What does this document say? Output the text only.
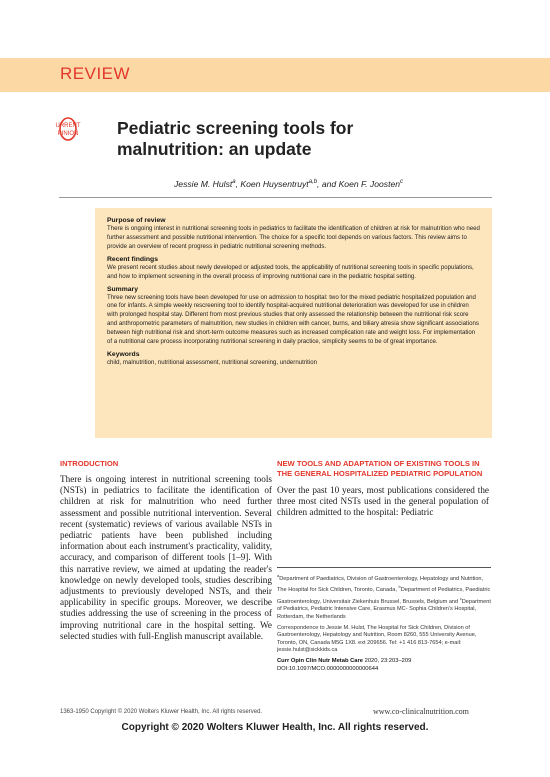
REVIEW
URRENT
PINION Pediatric screening tools for malnutrition: an update
Jessie M. Hulst$^a$, Koen Huysentruyt$^{a,b}$, and Koen F. Joosten$^c$
Purpose of review
There is ongoing interest in nutritional screening tools in pediatrics to facilitate the identification of children at risk for malnutrition who need further assessment and possible nutritional intervention. The choice for a specific tool depends on various factors. This review aims to provide an overview of recent progress in pediatric nutritional screening methods.
Recent findings
We present recent studies about newly developed or adjusted tools, the applicability of nutritional screening tools in specific populations, and how to implement screening in the overall process of improving nutritional care in the pediatric hospital setting.
Summary
Three new screening tools have been developed for use on admission to hospital: two for the mixed pediatric hospitalized population and one for infants. A simple weekly rescreening tool to identify hospital-acquired nutritional deterioration was developed for use in children with prolonged hospital stay. Different from most previous studies that only assessed the relationship between the nutritional risk score and anthropometric parameters of malnutrition, new studies in children with cancer, burns, and biliary atresia show significant associations between high nutritional risk and short-term outcome measures such as increased complication rate and weight loss. For implementation of a nutritional care process incorporating nutritional screening in daily practice, simplicity seems to be of great importance.
Keywords
child, malnutrition, nutritional assessment, nutritional screening, undernutrition
INTRODUCTION

There is ongoing interest in nutritional screening tools (NSTs) in pediatrics to facilitate the identification of children at risk for malnutrition who need further assessment and possible nutritional intervention. Several recent (systematic) reviews of various available NSTs in pediatric patients have been published including information about each instrument's practicality, validity, accuracy, and comparison of different tools [1–9]. With this narrative review, we aimed at updating the reader's knowledge on newly developed tools, studies describing adjustments to previously developed NSTs, and their applicability in specific groups. Moreover, we describe studies addressing the use of screening in the process of improving nutritional care in the hospital setting. We selected studies with full-English manuscript available.

NEW TOOLS AND ADAPTATION OF EXISTING TOOLS IN THE GENERAL HOSPITALIZED PEDIATRIC POPULATION

Over the past 10 years, most publications considered the three most cited NSTs used in the general population of children admitted to the hospital: Pediatric

$^a$Department of Paediatrics, Division of Gastroenterology, Hepatology and Nutrition, The Hospital for Sick Children, Toronto, Canada, $^b$Department of Pediatrics, Paediatric Gastroenterology, Universitair Ziekenhuis Brussel, Brussels, Belgium and $^c$Department of Pediatrics, Pediatric Intensive Care, Erasmus MC- Sophia Children's Hospital, Rotterdam, the Netherlands
Correspondence to Jessie M. Hulst, The Hospital for Sick Children, Division of Gastroenterology, Hepatology and Nutrition, Room 8260, 555 University Avenue, Toronto, ON, Canada M5G 1X8. ext 209656. Tel: +1 416 813-7654; e-mail: jessie.hulst@sickkids.ca
Curr Opin Clin Nutr Metab Care 2020, 23:203–209
DOI:10.1097/MCO.0000000000000644
1363-1950 Copyright © 2020 Wolters Kluwer Health, Inc. All rights reserved.	www.co-clinicalnutrition.com
Copyright © 2020 Wolters Kluwer Health, Inc. All rights reserved.
